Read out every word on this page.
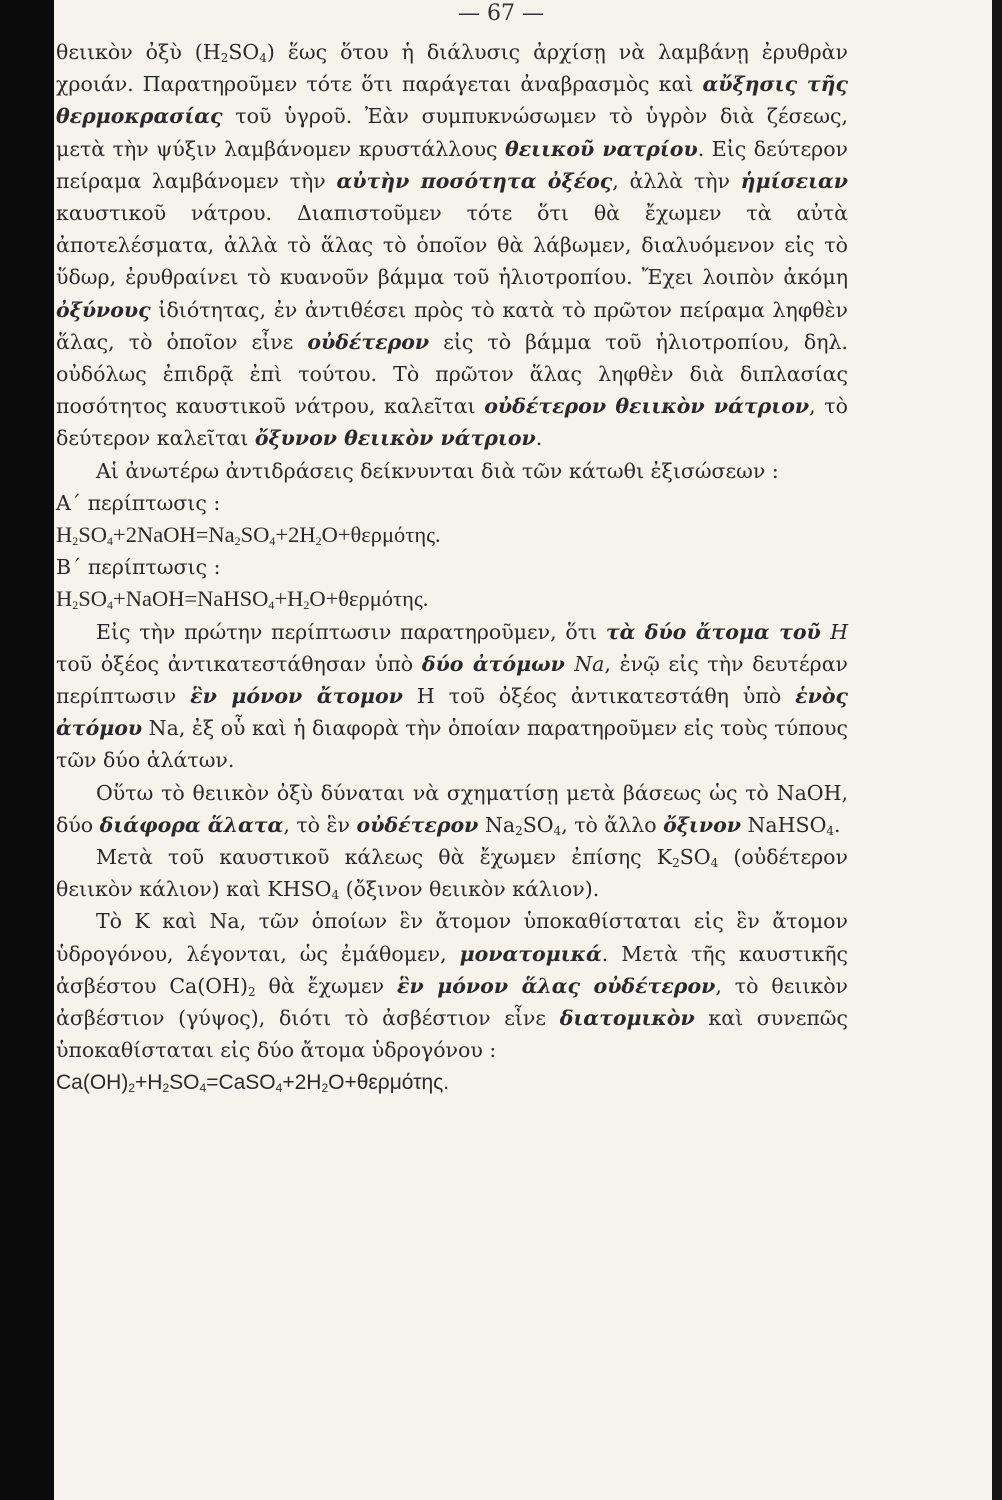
— 67 —

θειικὸν ὀξὺ $(H_2SO_4)$ ἕως ὅτου ἡ διάλυσις ἀρχίσῃ νὰ λαμβάνῃ ἐρυθρὰν χροιάν. Παρατηροῦμεν τότε ὅτι παράγεται ἀναβρασμὸς καὶ αὔξησις τῆς θερμοκρασίας τοῦ ὑγροῦ. Ἐὰν συμπυκνώσωμεν τὸ ὑγρὸν διὰ ζέσεως, μετὰ τὴν ψύξιν λαμβάνομεν κρυστάλλους θειικοῦ νατρίου. Εἰς δεύτερον πείραμα λαμβάνομεν τὴν αὐτὴν ποσότητα ὀξέος, ἀλλὰ τὴν ἡμίσειαν καυστικοῦ νάτρου. Διαπιστοῦμεν τότε ὅτι θὰ ἔχωμεν τὰ αὐτὰ ἀποτελέσματα, ἀλλὰ τὸ ἅλας τὸ ὁποῖον θὰ λάβωμεν, διαλυόμενον εἰς τὸ ὕδωρ, ἐρυθραίνει τὸ κυανοῦν βάμμα τοῦ ἡλιοτροπίου. Ἔχει λοιπὸν ἀκόμη ὀξύνους ἰδιότητας, ἐν ἀντιθέσει πρὸς τὸ κατὰ τὸ πρῶτον πείραμα ληφθὲν ἅλας, τὸ ὁποῖον εἶνε οὐδέτερον εἰς τὸ βάμμα τοῦ ἡλιοτροπίου, δηλ. οὐδόλως ἐπιδρᾷ ἐπὶ τούτου. Τὸ πρῶτον ἅλας ληφθὲν διὰ διπλασίας ποσότητος καυστικοῦ νάτρου, καλεῖται οὐδέτερον θειικὸν νάτριον, τὸ δεύτερον καλεῖται ὄξυνον θειικὸν νάτριον.

Αἱ ἀνωτέρω ἀντιδράσεις δείκνυνται διὰ τῶν κάτωθι ἐξισώσεων :

Α΄ περίπτωσις :

$H_2SO_4+2NaOH=Na_2SO_4+2H_2O+\theta\varepsilon\rho\mu ό\tau\eta\varsigma$.

Β΄ περίπτωσις :

$H_2SO_4+NaOH=NaHSO_4+H_2O+\theta\varepsilon\rho\mu ό\tau\eta\varsigma$.

Εἰς τὴν πρώτην περίπτωσιν παρατηροῦμεν, ὅτι τὰ δύο ἄτομα τοῦ H τοῦ ὀξέος ἀντικατεστάθησαν ὑπὸ δύο ἀτόμων Na, ἐνῷ εἰς τὴν δευτέραν περίπτωσιν ἓν μόνον ἄτομον H τοῦ ὀξέος ἀντικατεστάθη ὑπὸ ἑνὸς ἀτόμου Na, ἐξ οὗ καὶ ἡ διαφορὰ τὴν ὁποίαν παρατηροῦμεν εἰς τοὺς τύπους τῶν δύο ἁλάτων.

Οὕτω τὸ θειικὸν ὀξὺ δύναται νὰ σχηματίσῃ μετὰ βάσεως ὡς τὸ NaOH, δύο διάφορα ἅλατα, τὸ ἓν οὐδέτερον $Na_2SO_4$, τὸ ἄλλο ὄξινον NaHSO$_4$.

Μετὰ τοῦ καυστικοῦ κάλεως θὰ ἔχωμεν ἐπίσης $K_2SO_4$ (οὐδέτερον θειικὸν κάλιον) καὶ $KHSO_4$ (ὄξινον θειικὸν κάλιον).

Τὸ K καὶ Na, τῶν ὁποίων ἓν ἄτομον ὑποκαθίσταται εἰς ἓν ἄτομον ὑδρογόνου, λέγονται, ὡς ἐμάθομεν, μονατομικά. Μετὰ τῆς καυστικῆς ἀσβέστου $Ca(OH)_2$ θὰ ἔχωμεν ἓν μόνον ἅλας οὐδέτερον, τὸ θειικὸν ἀσβέστιον (γύψος), διότι τὸ ἀσβέστιον εἶνε διατομικὸν καὶ συνεπῶς ὑποκαθίσταται εἰς δύο ἄτομα ὑδρογόνου :

$Ca(OH)_2+H_2SO_4=CaSO_4+2H_2O+\theta\varepsilon\rho\mu ό\tau\eta\varsigma$.
